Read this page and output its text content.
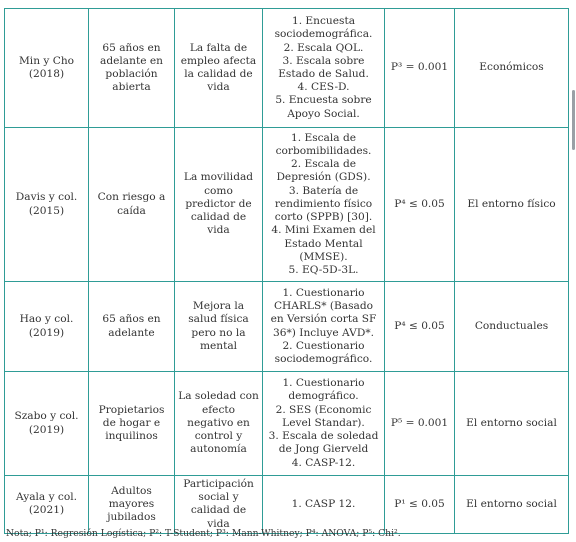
Min y Cho (2018)	65 años en adelante en población abierta	La falta de empleo afecta la calidad de vida	1. Encuesta sociodemográfica.
2. Escala QOL.
3. Escala sobre Estado de Salud.
4. CES-D.
5. Encuesta sobre Apoyo Social.	P³ = 0.001	Económicos
Davis y col. (2015)	Con riesgo a caída	La movilidad como predictor de calidad de vida	1. Escala de corbomibilidades.
2. Escala de Depresión (GDS).
3. Batería de rendimiento físico corto (SPPB) [30].
4. Mini Examen del Estado Mental (MMSE).
5. EQ-5D-3L.	P⁴ ≤ 0.05	El entorno físico
Hao y col. (2019)	65 años en adelante	Mejora la salud física pero no la mental	1. Cuestionario CHARLS* (Basado en Versión corta SF 36*) Incluye AVD*.
2. Cuestionario sociodemográfico.	P⁴ ≤ 0.05	Conductuales
Szabo y col. (2019)	Propietarios de hogar e inquilinos	La soledad con efecto negativo en control y autonomía	1. Cuestionario demográfico.
2. SES (Economic Level Standar).
3. Escala de soledad de Jong Gierveld
4. CASP-12.	P⁵ = 0.001	El entorno social
Ayala y col. (2021)	Adultos mayores jubilados	Participación social y calidad de vida	1. CASP 12.	P¹ ≤ 0.05	El entorno social
Nota; P¹: Regresión Logística; P²: T-Student; P³: Mann-Whitney; P⁴: ANOVA; P⁵: Chi².
